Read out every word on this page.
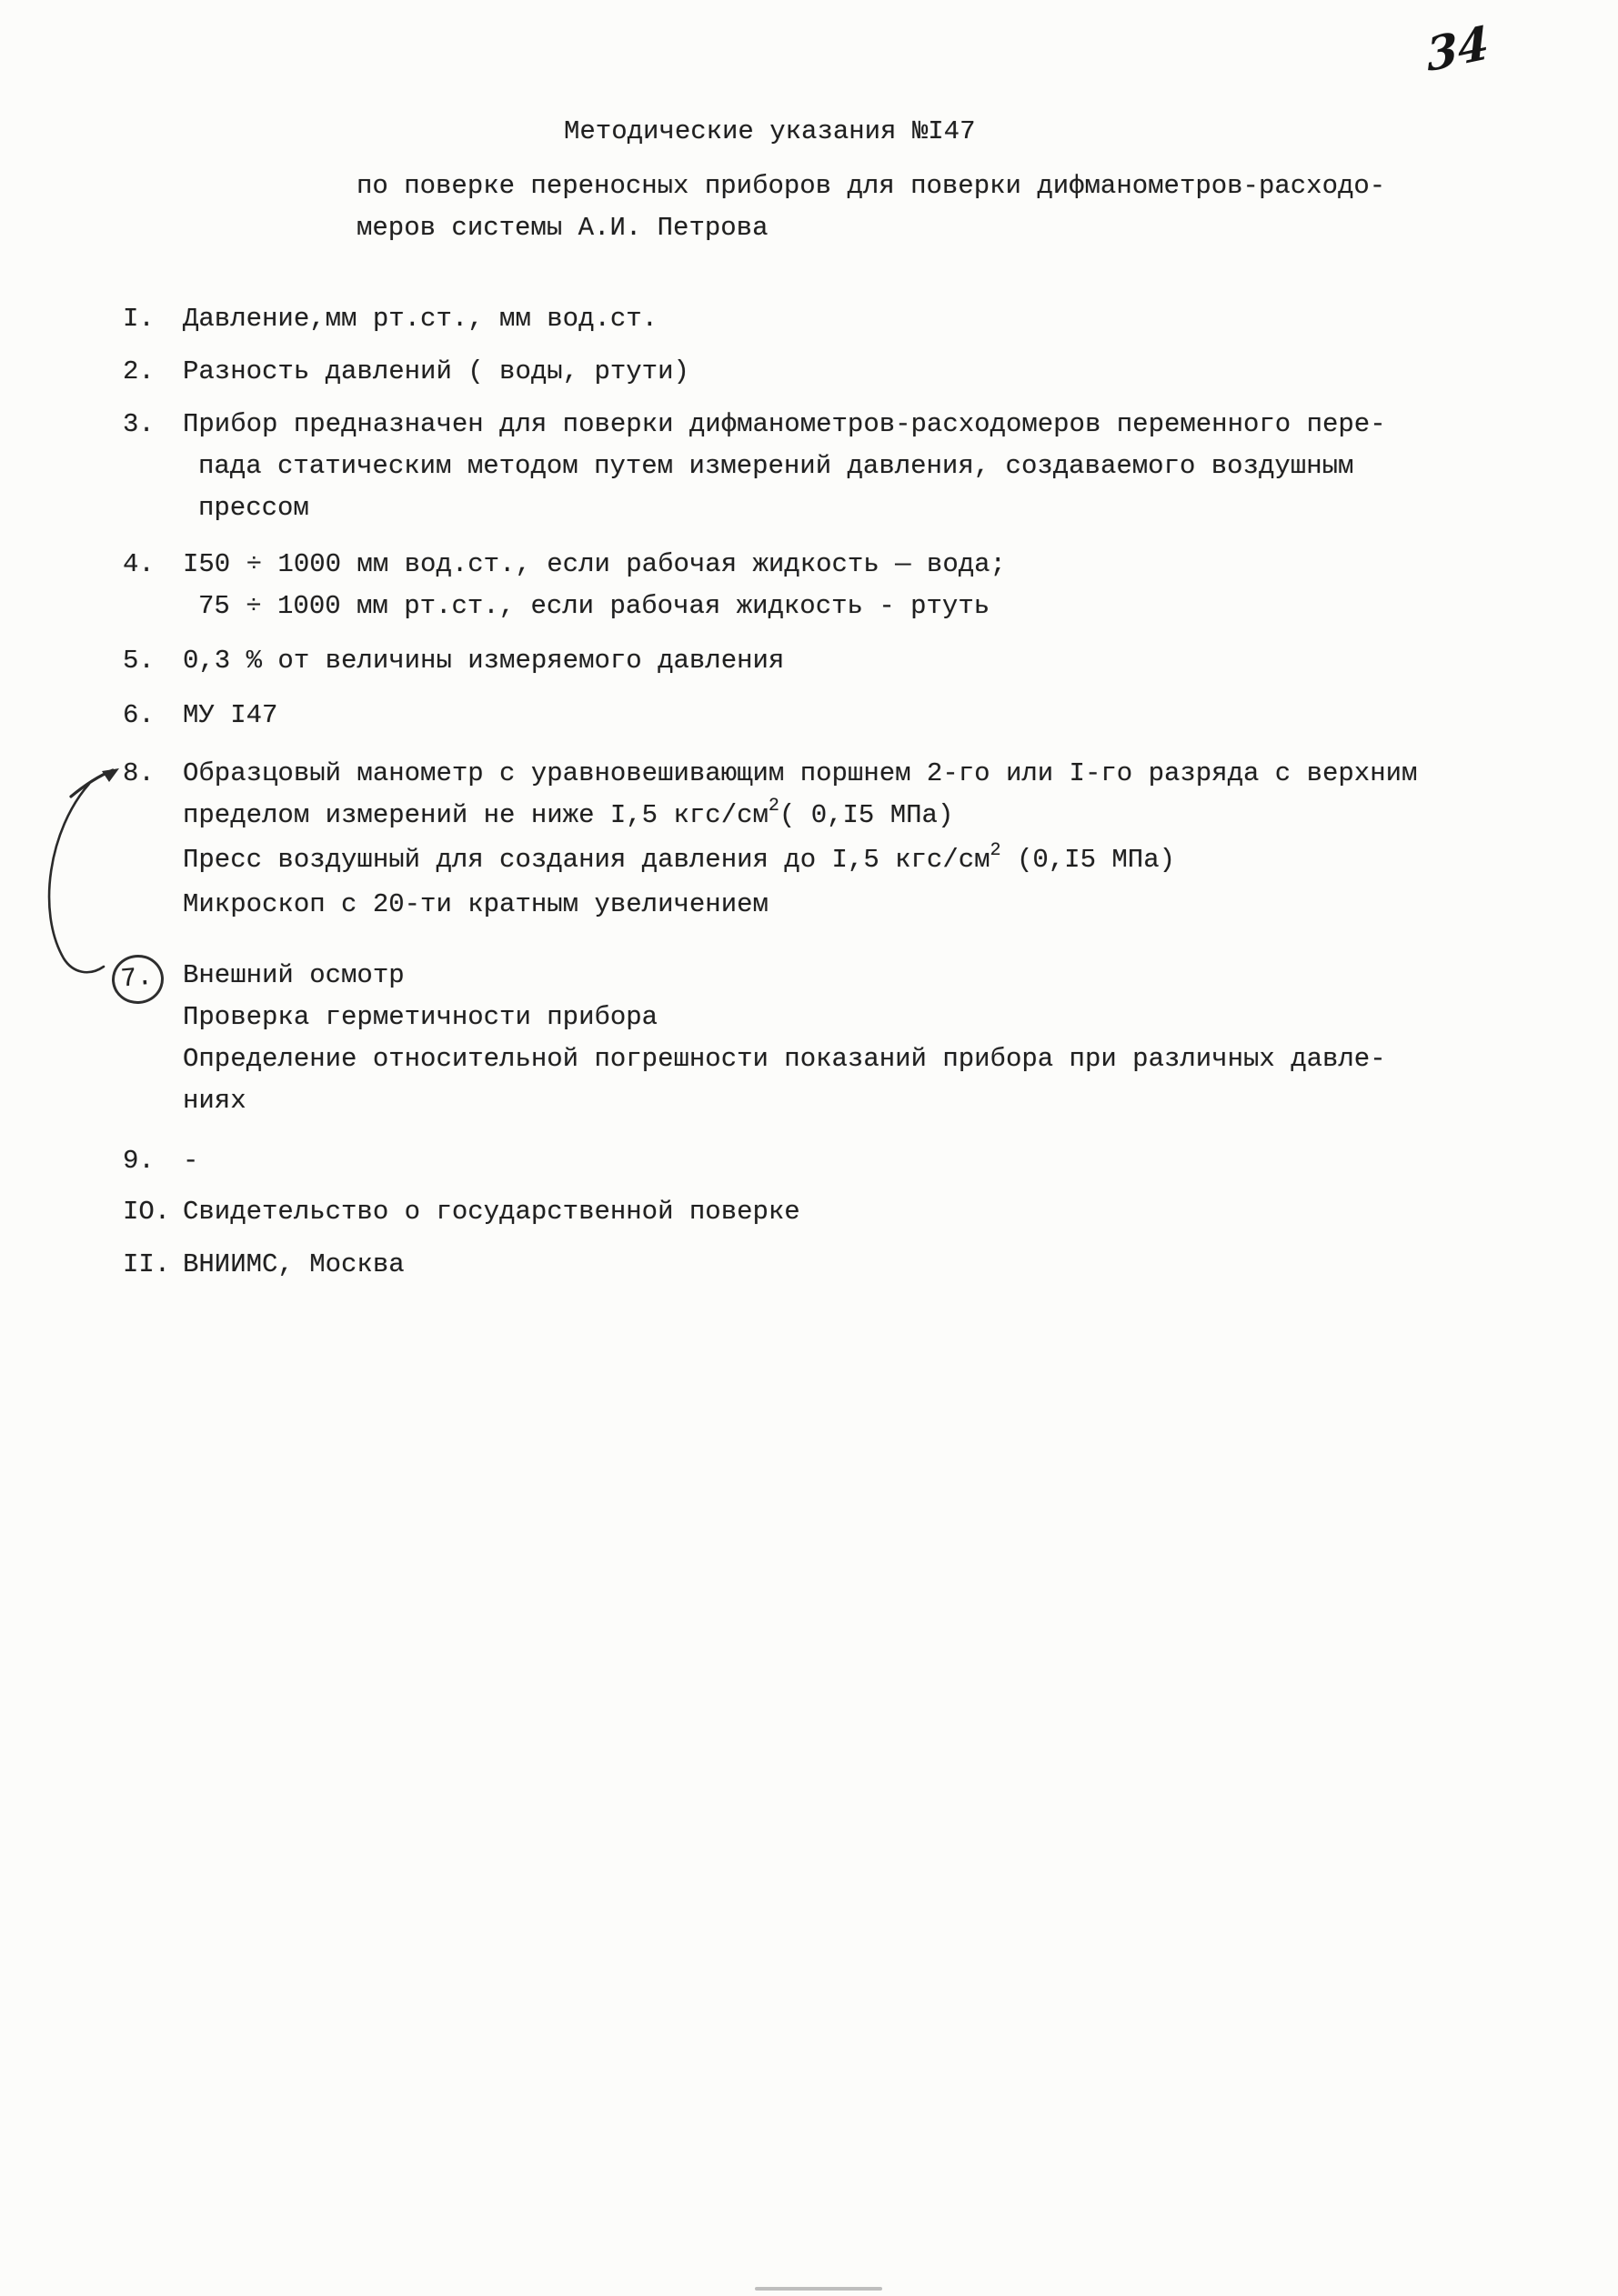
34
Методические указания №I47
по поверке переносных приборов для поверки дифманометров-расходо-
меров системы А.И. Петрова
I.	Давление,мм рт.ст., мм вод.ст.
2.	Разность давлений ( воды, ртути)
3.	Прибор предназначен для поверки дифманометров-расходомеров переменного пере-
пада статическим методом путем измерений давления, создаваемого воздушным
прессом
4.	I50 ÷ 1000 мм вод.ст., если рабочая жидкость — вода;
75 ÷ 1000 мм рт.ст., если рабочая жидкость - ртуть
5.	0,3 % от величины измеряемого давления
6.	МУ I47
8.	Образцовый манометр с уравновешивающим поршнем 2-го или I-го разряда с верхним
пределом измерений не ниже I,5 кгс/$см^2$( 0,I5 МПа)
Пресс воздушный для создания давления до I,5 кгс/$см^2$ (0,I5 МПа)
Микроскоп с 20-ти кратным увеличением
7.	Внешний осмотр
Проверка герметичности прибора
Определение относительной погрешности показаний прибора при различных давле-
ниях
9.	-
IO. Свидетельство о государственной поверке
II. ВНИИМС, Москва
